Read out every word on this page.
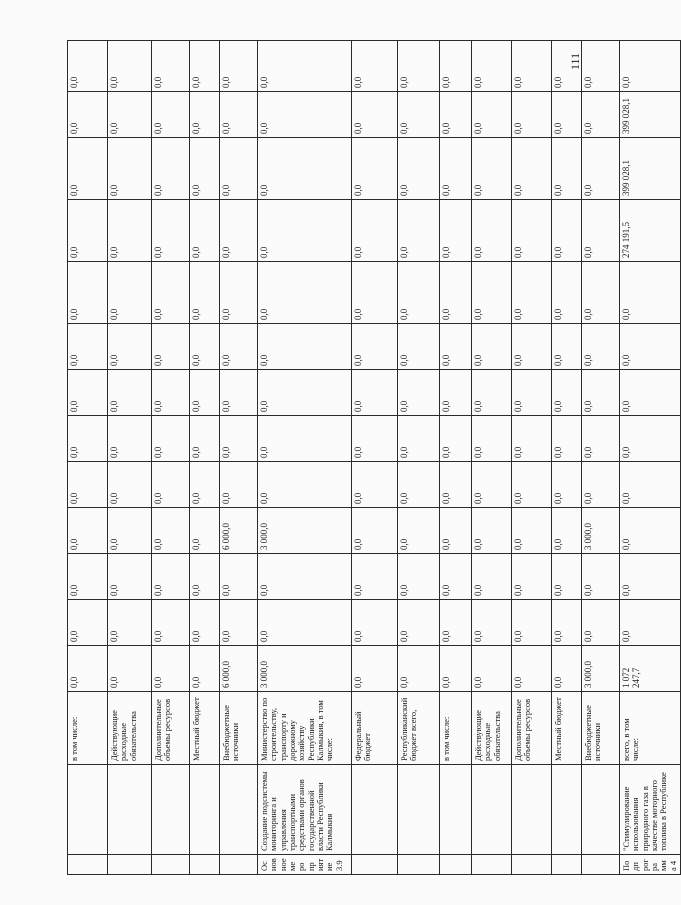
111
		в том числе:	0,0	0,0	0,0	0,0	0,0	0,0	0,0	0,0	0,0	0,0	0,0	0,0	0,0
		Действующие расходные обязательства	0,0	0,0	0,0	0,0	0,0	0,0	0,0	0,0	0,0	0,0	0,0	0,0	0,0
		Дополнительные объемы ресурсов	0,0	0,0	0,0	0,0	0,0	0,0	0,0	0,0	0,0	0,0	0,0	0,0	0,0
		Местный бюджет	0,0	0,0	0,0	0,0	0,0	0,0	0,0	0,0	0,0	0,0	0,0	0,0	0,0
		Внебюджетные источники	6 000,0	0,0	0,0	6 000,0	0,0	0,0	0,0	0,0	0,0	0,0	0,0	0,0	0,0
Основное мероприятие 3.9	Создание подсистемы мониторинга и управления транспортными средствами органов государственной власти Республики Калмыкия	Министерство по строительству, транспорту и дорожному хозяйству Республики Калмыкия, в том числе:	3 000,0	0,0	0,0	3 000,0	0,0	0,0	0,0	0,0	0,0	0,0	0,0	0,0	0,0
		Федеральный бюджет	0,0	0,0	0,0	0,0	0,0	0,0	0,0	0,0	0,0	0,0	0,0	0,0	0,0
		Республиканский бюджет всего,	0,0	0,0	0,0	0,0	0,0	0,0	0,0	0,0	0,0	0,0	0,0	0,0	0,0
		в том числе:	0,0	0,0	0,0	0,0	0,0	0,0	0,0	0,0	0,0	0,0	0,0	0,0	0,0
		Действующие расходные обязательства	0,0	0,0	0,0	0,0	0,0	0,0	0,0	0,0	0,0	0,0	0,0	0,0	0,0
		Дополнительные объемы ресурсов	0,0	0,0	0,0	0,0	0,0	0,0	0,0	0,0	0,0	0,0	0,0	0,0	0,0
		Местный бюджет	0,0	0,0	0,0	0,0	0,0	0,0	0,0	0,0	0,0	0,0	0,0	0,0	0,0
		Внебюджетные источники	3 000,0	0,0	0,0	3 000,0	0,0	0,0	0,0	0,0	0,0	0,0	0,0	0,0	0,0
Подпрограмма 4	"Стимулирование использования природного газа в качестве моторного топлива в Республике	всего, в том числе:	1 072 247,7	0,0	0,0	0,0	0,0	0,0	0,0	0,0	0,0	274 191,5	399 028,1	399 028,1	0,0
